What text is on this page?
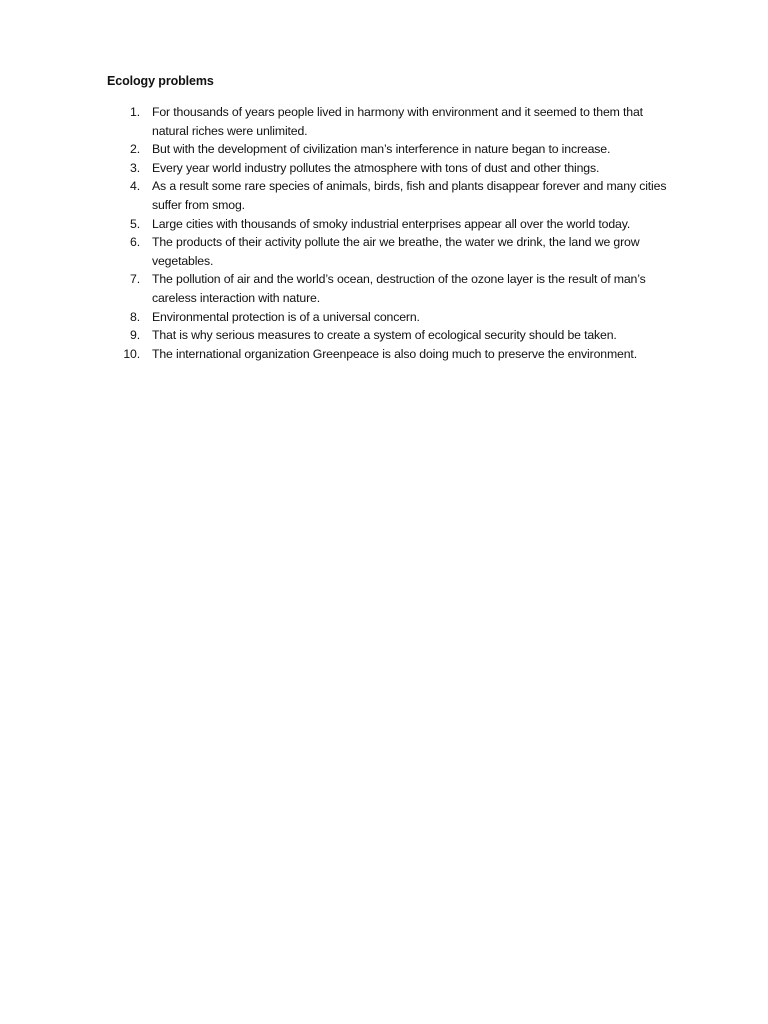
Ecology problems
1. For thousands of years people lived in harmony with environment and it seemed to them that
natural riches were unlimited.
2. But with the development of civilization man’s interference in nature began to increase.
3. Every year world industry pollutes the atmosphere with tons of dust and other things.
4. As a result some rare species of animals, birds, fish and plants disappear forever and many cities
suffer from smog.
5. Large cities with thousands of smoky industrial enterprises appear all over the world today.
6. The products of their activity pollute the air we breathe, the water we drink, the land we grow
vegetables.
7. The pollution of air and the world’s ocean, destruction of the ozone layer is the result of man’s
careless interaction with nature.
8. Environmental protection is of a universal concern.
9. That is why serious measures to create a system of ecological security should be taken.
10. The international organization Greenpeace is also doing much to preserve the environment.
